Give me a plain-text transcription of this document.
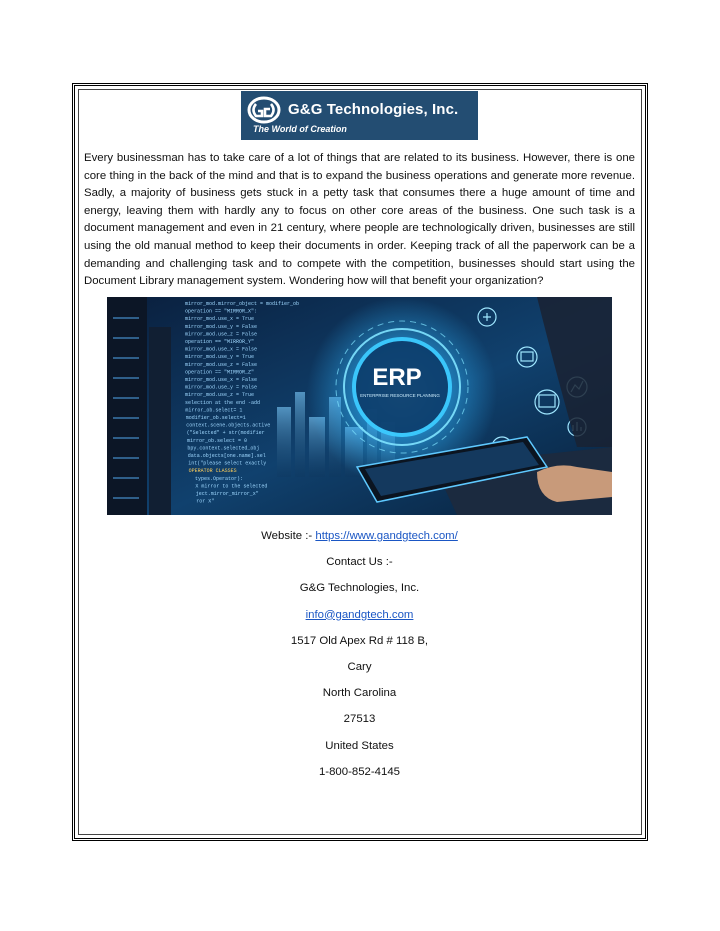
G&G Technologies, Inc.
The World of Creation

Every businessman has to take care of a lot of things that are related to its business. However, there is one core thing in the back of the mind and that is to expand the business operations and generate more revenue. Sadly, a majority of business gets stuck in a petty task that consumes there a huge amount of time and energy, leaving them with hardly any to focus on other core areas of the business. One such task is a document management and even in 21 century, where people are technologically driven, businesses are still using the old manual method to keep their documents in order. Keeping track of all the paperwork can be a demanding and challenging task and to compete with the competition, businesses should start using the Document Library management system. Wondering how will that benefit your organization?

mirror_mod.mirror_object = modifier_ob
operation == "MIRROR_X":
mirror_mod.use_x = True
mirror_mod.use_y = False
mirror_mod.use_z = False
operation == "MIRROR_Y"
mirror_mod.use_x = False
mirror_mod.use_y = True
mirror_mod.use_z = False
operation == "MIRROR_Z"
mirror_mod.use_x = False
mirror_mod.use_y = False
mirror_mod.use_z = True
selection at the end -add
mirror_ob.select= 1
modifier_ob.select=1
context.scene.objects.active
("Selected" + str(modifier
mirror_ob.select = 0
bpy.context.selected_obj
data.objects[one.name].sel
int("please select exactly
OPERATOR CLASSES
types.Operator):
X mirror to the selected
ject.mirror_mirror_x"
ror X"
ERP
ENTERPRISE RESOURCE PLANNING
Website :- https://www.gandgtech.com/
Contact Us :-
G&G Technologies, Inc.
info@gandgtech.com
1517 Old Apex Rd # 118 B,
Cary
North Carolina
27513
United States
1-800-852-4145
